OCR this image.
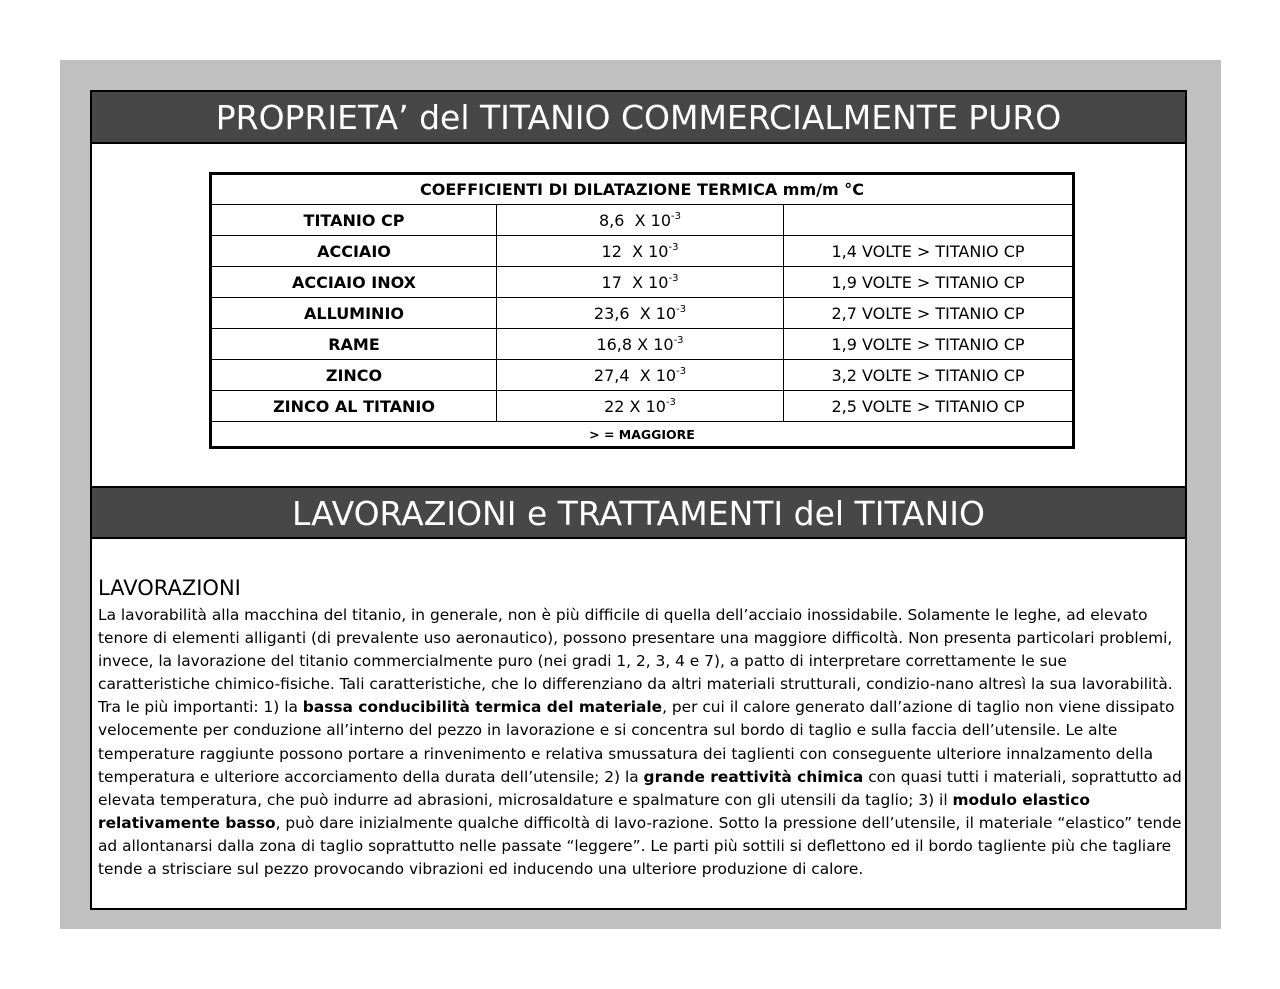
PROPRIETA’ del TITANIO COMMERCIALMENTE PURO
COEFFICIENTI DI DILATAZIONE TERMICA mm/m °C		
TITANIO CP	8,6 X $10^{-3}$	
ACCIAIO	12 X $10^{-3}$	1,4 VOLTE > TITANIO CP
ACCIAIO INOX	17 X $10^{-3}$	1,9 VOLTE > TITANIO CP
ALLUMINIO	23,6 X $10^{-3}$	2,7 VOLTE > TITANIO CP
RAME	16,8 X $10^{-3}$	1,9 VOLTE > TITANIO CP
ZINCO	27,4 X $10^{-3}$	3,2 VOLTE > TITANIO CP
ZINCO AL TITANIO	22 X $10^{-3}$	2,5 VOLTE > TITANIO CP
> = MAGGIORE		
LAVORAZIONI e TRATTAMENTI del TITANIO
LAVORAZIONI
La lavorabilità alla macchina del titanio, in generale, non è più difficile di quella dell’acciaio inossidabile. Solamente le leghe, ad elevato tenore di elementi alliganti (di prevalente uso aeronautico), possono presentare una maggiore difficoltà. Non presenta particolari problemi, invece, la lavorazione del titanio commercialmente puro (nei gradi 1, 2, 3, 4 e 7), a patto di interpretare correttamente le sue caratteristiche chimico-fisiche. Tali caratteristiche, che lo differenziano da altri materiali strutturali, condizio-nano altresì la sua lavorabilità. Tra le più importanti: 1) la bassa conducibilità termica del materiale, per cui il calore generato dall’azione di taglio non viene dissipato velocemente per conduzione all’interno del pezzo in lavorazione e si concentra sul bordo di taglio e sulla faccia dell’utensile. Le alte temperature raggiunte possono portare a rinvenimento e relativa smussatura dei taglienti con conseguente ulteriore innalzamento della temperatura e ulteriore accorciamento della durata dell’utensile; 2) la grande reattività chimica con quasi tutti i materiali, soprattutto ad elevata temperatura, che può indurre ad abrasioni, microsaldature e spalmature con gli utensili da taglio; 3) il modulo elastico relativamente basso, può dare inizialmente qualche difficoltà di lavo-razione. Sotto la pressione dell’utensile, il materiale “elastico” tende ad allontanarsi dalla zona di taglio soprattutto nelle passate “leggere”. Le parti più sottili si deflettono ed il bordo tagliente più che tagliare tende a strisciare sul pezzo provocando vibrazioni ed inducendo una ulteriore produzione di calore.
